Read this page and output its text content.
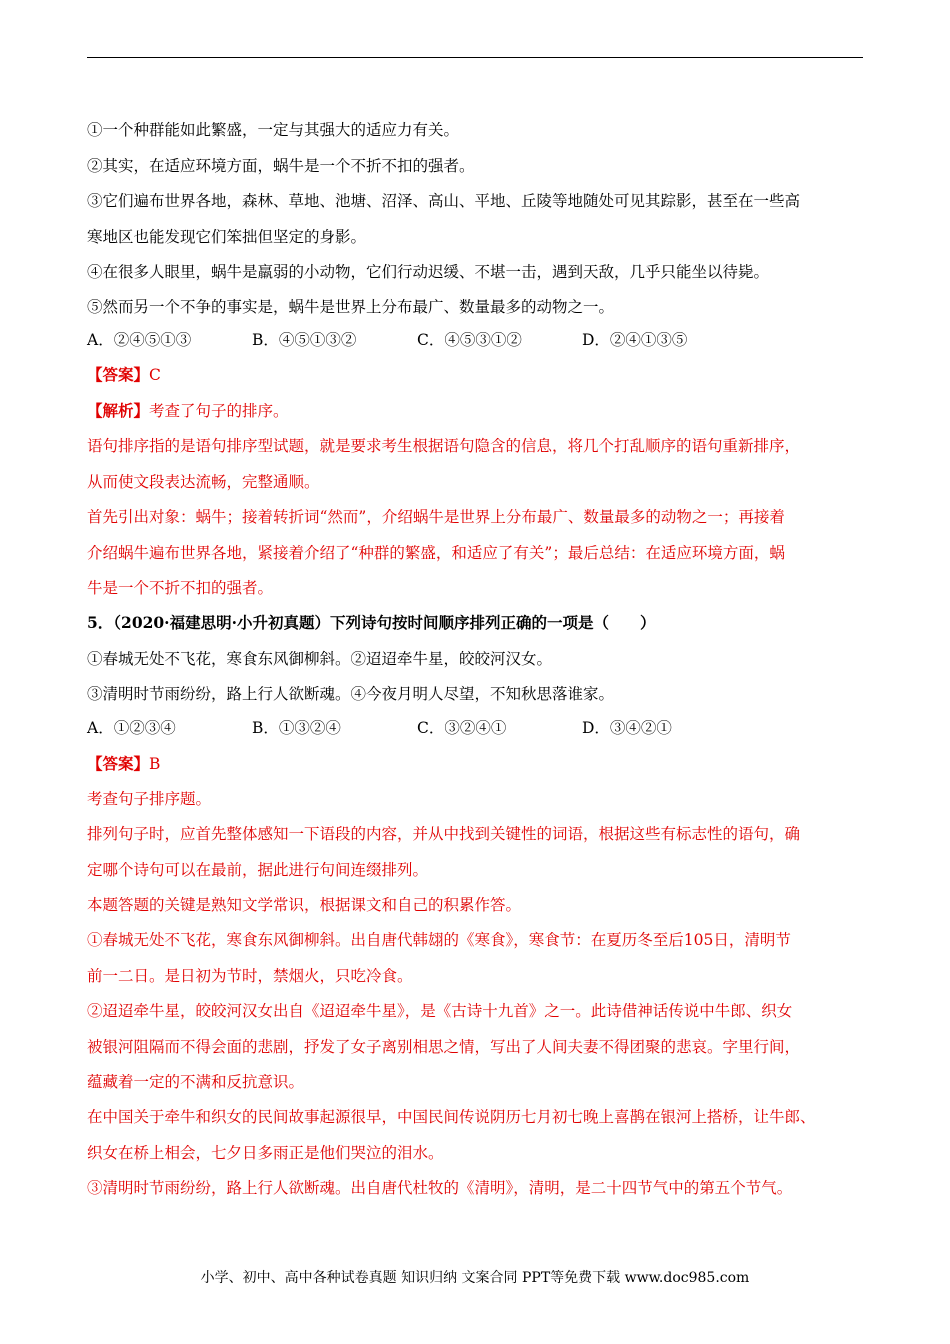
①一个种群能如此繁盛，一定与其强大的适应力有关。
②其实，在适应环境方面，蜗牛是一个不折不扣的强者。
③它们遍布世界各地，森林、草地、池塘、沼泽、高山、平地、丘陵等地随处可见其踪影，甚至在一些高
寒地区也能发现它们笨拙但坚定的身影。
④在很多人眼里，蜗牛是羸弱的小动物，它们行动迟缓、不堪一击，遇到天敌，几乎只能坐以待毙。
⑤然而另一个不争的事实是，蜗牛是世界上分布最广、数量最多的动物之一。
A．②④⑤①③	B．④⑤①③②	C．④⑤③①②	D．②④①③⑤
【答案】C
【解析】考查了句子的排序。
语句排序指的是语句排序型试题，就是要求考生根据语句隐含的信息，将几个打乱顺序的语句重新排序，
从而使文段表达流畅，完整通顺。
首先引出对象：蜗牛；接着转折词“然而”，介绍蜗牛是世界上分布最广、数量最多的动物之一；再接着
介绍蜗牛遍布世界各地，紧接着介绍了“种群的繁盛，和适应了有关”；最后总结：在适应环境方面，蜗
牛是一个不折不扣的强者。
5．（2020·福建思明·小升初真题）下列诗句按时间顺序排列正确的一项是（　　）
①春城无处不飞花，寒食东风御柳斜。②迢迢牵牛星，皎皎河汉女。
③清明时节雨纷纷，路上行人欲断魂。④今夜月明人尽望，不知秋思落谁家。
A．①②③④	B．①③②④	C．③②④①	D．③④②①
【答案】B
考查句子排序题。
排列句子时，应首先整体感知一下语段的内容，并从中找到关键性的词语，根据这些有标志性的语句，确
定哪个诗句可以在最前，据此进行句间连缀排列。
本题答题的关键是熟知文学常识，根据课文和自己的积累作答。
①春城无处不飞花，寒食东风御柳斜。出自唐代韩翃的《寒食》，寒食节：在夏历冬至后105日，清明节
前一二日。是日初为节时，禁烟火，只吃冷食。
②迢迢牵牛星，皎皎河汉女出自《迢迢牵牛星》，是《古诗十九首》之一。此诗借神话传说中牛郎、织女
被银河阻隔而不得会面的悲剧，抒发了女子离别相思之情，写出了人间夫妻不得团聚的悲哀。字里行间，
蕴藏着一定的不满和反抗意识。
在中国关于牵牛和织女的民间故事起源很早，中国民间传说阴历七月初七晚上喜鹊在银河上搭桥，让牛郎、
织女在桥上相会，七夕日多雨正是他们哭泣的泪水。
③清明时节雨纷纷，路上行人欲断魂。出自唐代杜牧的《清明》，清明，是二十四节气中的第五个节气。
小学、初中、高中各种试卷真题 知识归纳 文案合同 PPT等免费下载 www.doc985.com
